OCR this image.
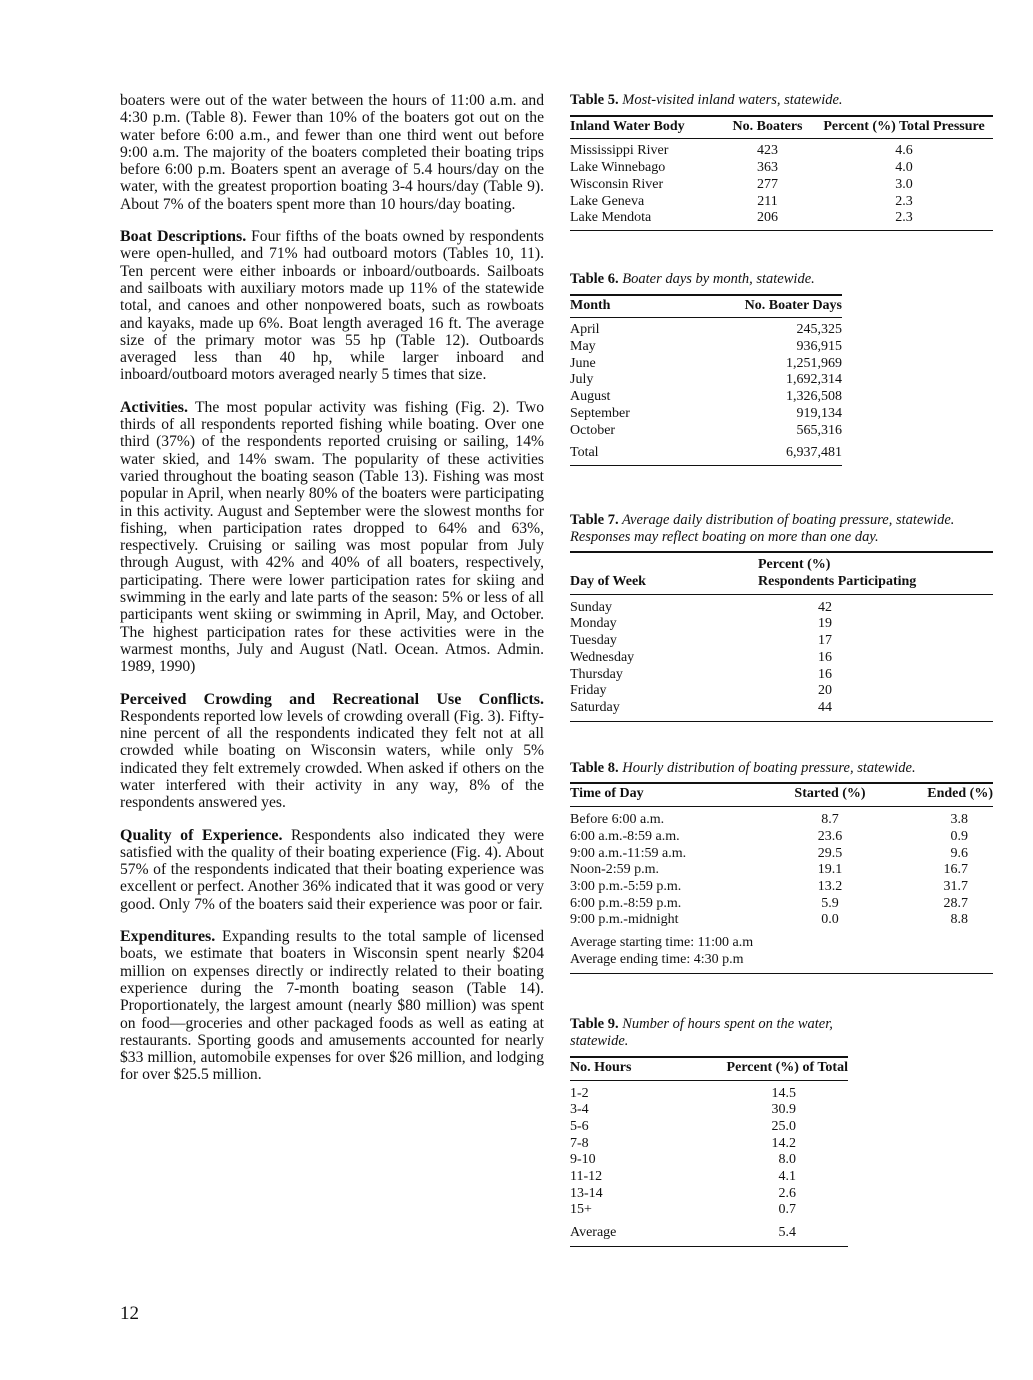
boaters were out of the water between the hours of 11:00 a.m. and 4:30 p.m. (Table 8). Fewer than 10% of the boaters got out on the water before 6:00 a.m., and fewer than one third went out before 9:00 a.m. The majority of the boaters completed their boating trips before 6:00 p.m. Boaters spent an average of 5.4 hours/day on the water, with the greatest proportion boating 3-4 hours/day (Table 9). About 7% of the boaters spent more than 10 hours/day boating.

Boat Descriptions. Four fifths of the boats owned by respondents were open-hulled, and 71% had outboard motors (Tables 10, 11). Ten percent were either inboards or inboard/outboards. Sailboats and sailboats with auxiliary motors made up 11% of the statewide total, and canoes and other nonpowered boats, such as rowboats and kayaks, made up 6%. Boat length averaged 16 ft. The average size of the primary motor was 55 hp (Table 12). Outboards averaged less than 40 hp, while larger inboard and inboard/outboard motors averaged nearly 5 times that size.

Activities. The most popular activity was fishing (Fig. 2). Two thirds of all respondents reported fishing while boating. Over one third (37%) of the respondents reported cruising or sailing, 14% water skied, and 14% swam. The popularity of these activities varied throughout the boating season (Table 13). Fishing was most popular in April, when nearly 80% of the boaters were participating in this activity. August and September were the slowest months for fishing, when participation rates dropped to 64% and 63%, respectively. Cruising or sailing was most popular from July through August, with 42% and 40% of all boaters, respectively, participating. There were lower participation rates for skiing and swimming in the early and late parts of the season: 5% or less of all participants went skiing or swimming in April, May, and October. The highest participation rates for these activities were in the warmest months, July and August (Natl. Ocean. Atmos. Admin. 1989, 1990)

Perceived Crowding and Recreational Use Conflicts. Respondents reported low levels of crowding overall (Fig. 3). Fifty-nine percent of all the respondents indicated they felt not at all crowded while boating on Wisconsin waters, while only 5% indicated they felt extremely crowded. When asked if others on the water interfered with their activity in any way, 8% of the respondents answered yes.

Quality of Experience. Respondents also indicated they were satisfied with the quality of their boating experience (Fig. 4). About 57% of the respondents indicated that their boating experience was excellent or perfect. Another 36% indicated that it was good or very good. Only 7% of the boaters said their experience was poor or fair.

Expenditures. Expanding results to the total sample of licensed boats, we estimate that boaters in Wisconsin spent nearly $204 million on expenses directly or indirectly related to their boating experience during the 7-month boating season (Table 14). Proportionately, the largest amount (nearly $80 million) was spent on food—groceries and other packaged foods as well as eating at restaurants. Sporting goods and amusements accounted for nearly $33 million, automobile expenses for over $26 million, and lodging for over $25.5 million.

12
Table 5. Most-visited inland waters, statewide.
Inland Water Body	No. Boaters	Percent (%) Total Pressure
Mississippi River	423	4.6
Lake Winnebago	363	4.0
Wisconsin River	277	3.0
Lake Geneva	211	2.3
Lake Mendota	206	2.3
Table 6. Boater days by month, statewide.
Month	No. Boater Days
April	245,325
May	936,915
June	1,251,969
July	1,692,314
August	1,326,508
September	919,134
October	565,316
Total	6,937,481
Table 7. Average daily distribution of boating pressure, statewide. Responses may reflect boating on more than one day.
Day of Week	Percent (%)
Respondents Participating
Sunday	42
Monday	19
Tuesday	17
Wednesday	16
Thursday	16
Friday	20
Saturday	44
Table 8. Hourly distribution of boating pressure, statewide.
Time of Day	Started (%)	Ended (%)
Before 6:00 a.m.	8.7	3.8
6:00 a.m.-8:59 a.m.	23.6	0.9
9:00 a.m.-11:59 a.m.	29.5	9.6
Noon-2:59 p.m.	19.1	16.7
3:00 p.m.-5:59 p.m.	13.2	31.7
6:00 p.m.-8:59 p.m.	5.9	28.7
9:00 p.m.-midnight	0.0	8.8
Average starting time: 11:00 a.m		
Average ending time: 4:30 p.m		
Table 9. Number of hours spent on the water, statewide.
No. Hours	Percent (%) of Total
1-2	14.5
3-4	30.9
5-6	25.0
7-8	14.2
9-10	8.0
11-12	4.1
13-14	2.6
15+	0.7
Average	5.4
